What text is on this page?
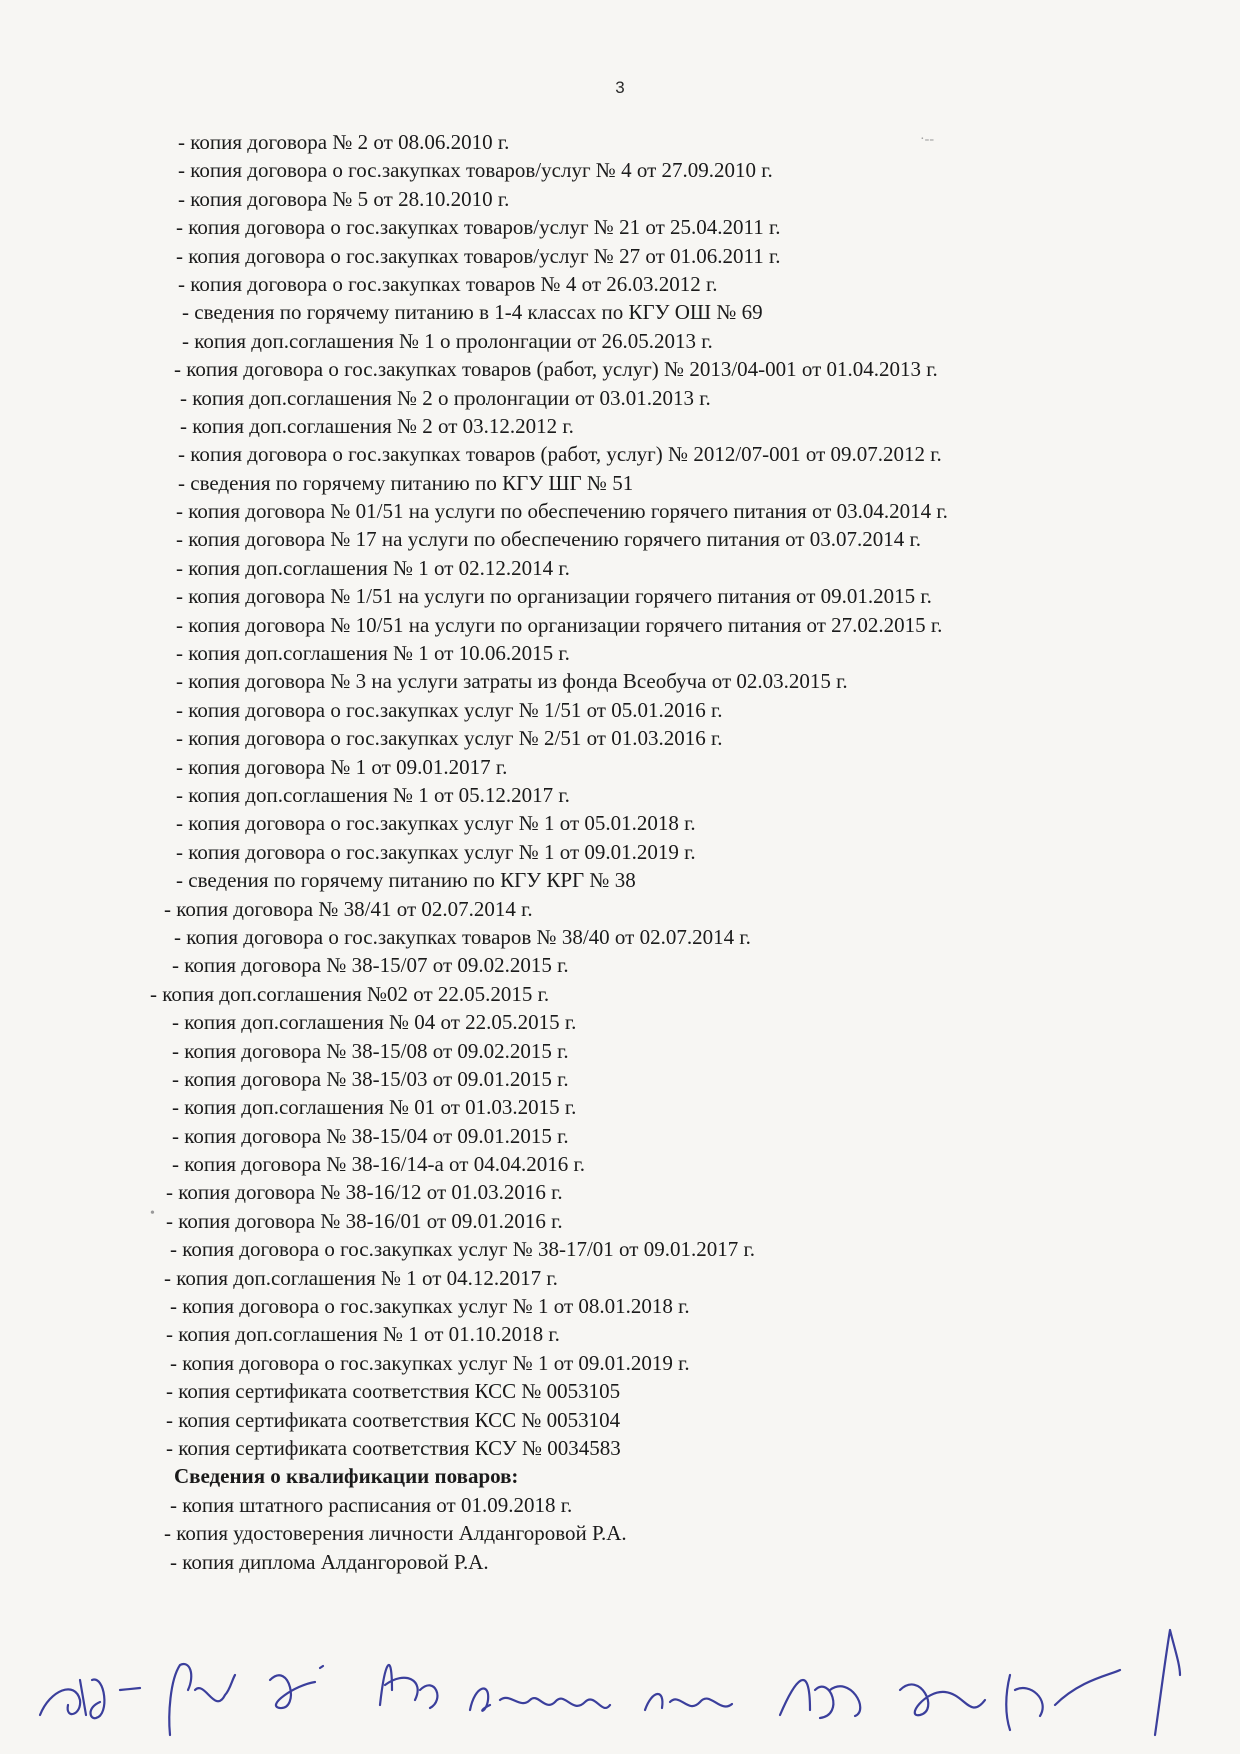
3
·‑‑
•
- копия договора № 2 от 08.06.2010 г.
- копия договора о гос.закупках товаров/услуг № 4 от 27.09.2010 г.
- копия договора № 5 от 28.10.2010 г.
- копия договора о гос.закупках товаров/услуг № 21 от 25.04.2011 г.
- копия договора о гос.закупках товаров/услуг № 27 от 01.06.2011 г.
- копия договора о гос.закупках товаров № 4 от 26.03.2012 г.
- сведения по горячему питанию в 1-4 классах по КГУ ОШ № 69
- копия доп.соглашения № 1 о пролонгации от 26.05.2013 г.
- копия договора о гос.закупках товаров (работ, услуг) № 2013/04-001 от 01.04.2013 г.
- копия доп.соглашения № 2 о пролонгации от 03.01.2013 г.
- копия доп.соглашения № 2 от 03.12.2012 г.
- копия договора о гос.закупках товаров (работ, услуг) № 2012/07-001 от 09.07.2012 г.
- сведения по горячему питанию по КГУ ШГ № 51
- копия договора № 01/51 на услуги по обеспечению горячего питания от 03.04.2014 г.
- копия договора № 17 на услуги по обеспечению горячего питания от 03.07.2014 г.
- копия доп.соглашения № 1 от 02.12.2014 г.
- копия договора № 1/51 на услуги по организации горячего питания от 09.01.2015 г.
- копия договора № 10/51 на услуги по организации горячего питания от 27.02.2015 г.
- копия доп.соглашения № 1 от 10.06.2015 г.
- копия договора № 3 на услуги затраты из фонда Всеобуча от 02.03.2015 г.
- копия договора о гос.закупках услуг № 1/51 от 05.01.2016 г.
- копия договора о гос.закупках услуг № 2/51 от 01.03.2016 г.
- копия договора № 1 от 09.01.2017 г.
- копия доп.соглашения № 1 от 05.12.2017 г.
- копия договора о гос.закупках услуг № 1 от 05.01.2018 г.
- копия договора о гос.закупках услуг № 1 от 09.01.2019 г.
- сведения по горячему питанию по КГУ КРГ № 38
- копия договора № 38/41 от 02.07.2014 г.
- копия договора о гос.закупках товаров № 38/40 от 02.07.2014 г.
- копия договора № 38-15/07 от 09.02.2015 г.
- копия доп.соглашения №02 от 22.05.2015 г.
- копия доп.соглашения № 04 от 22.05.2015 г.
- копия договора № 38-15/08 от 09.02.2015 г.
- копия договора № 38-15/03 от 09.01.2015 г.
- копия доп.соглашения № 01 от 01.03.2015 г.
- копия договора № 38-15/04 от 09.01.2015 г.
- копия договора № 38-16/14-а от 04.04.2016 г.
- копия договора № 38-16/12 от 01.03.2016 г.
- копия договора № 38-16/01 от 09.01.2016 г.
- копия договора о гос.закупках услуг № 38-17/01 от 09.01.2017 г.
- копия доп.соглашения № 1 от 04.12.2017 г.
- копия договора о гос.закупках услуг № 1 от 08.01.2018 г.
- копия доп.соглашения № 1 от 01.10.2018 г.
- копия договора о гос.закупках услуг № 1 от 09.01.2019 г.
- копия сертификата соответствия КСС № 0053105
- копия сертификата соответствия КСС № 0053104
- копия сертификата соответствия КСУ № 0034583
Сведения о квалификации поваров:
- копия штатного расписания от 01.09.2018 г.
- копия удостоверения личности Алдангоровой Р.А.
- копия диплома Алдангоровой Р.А.
